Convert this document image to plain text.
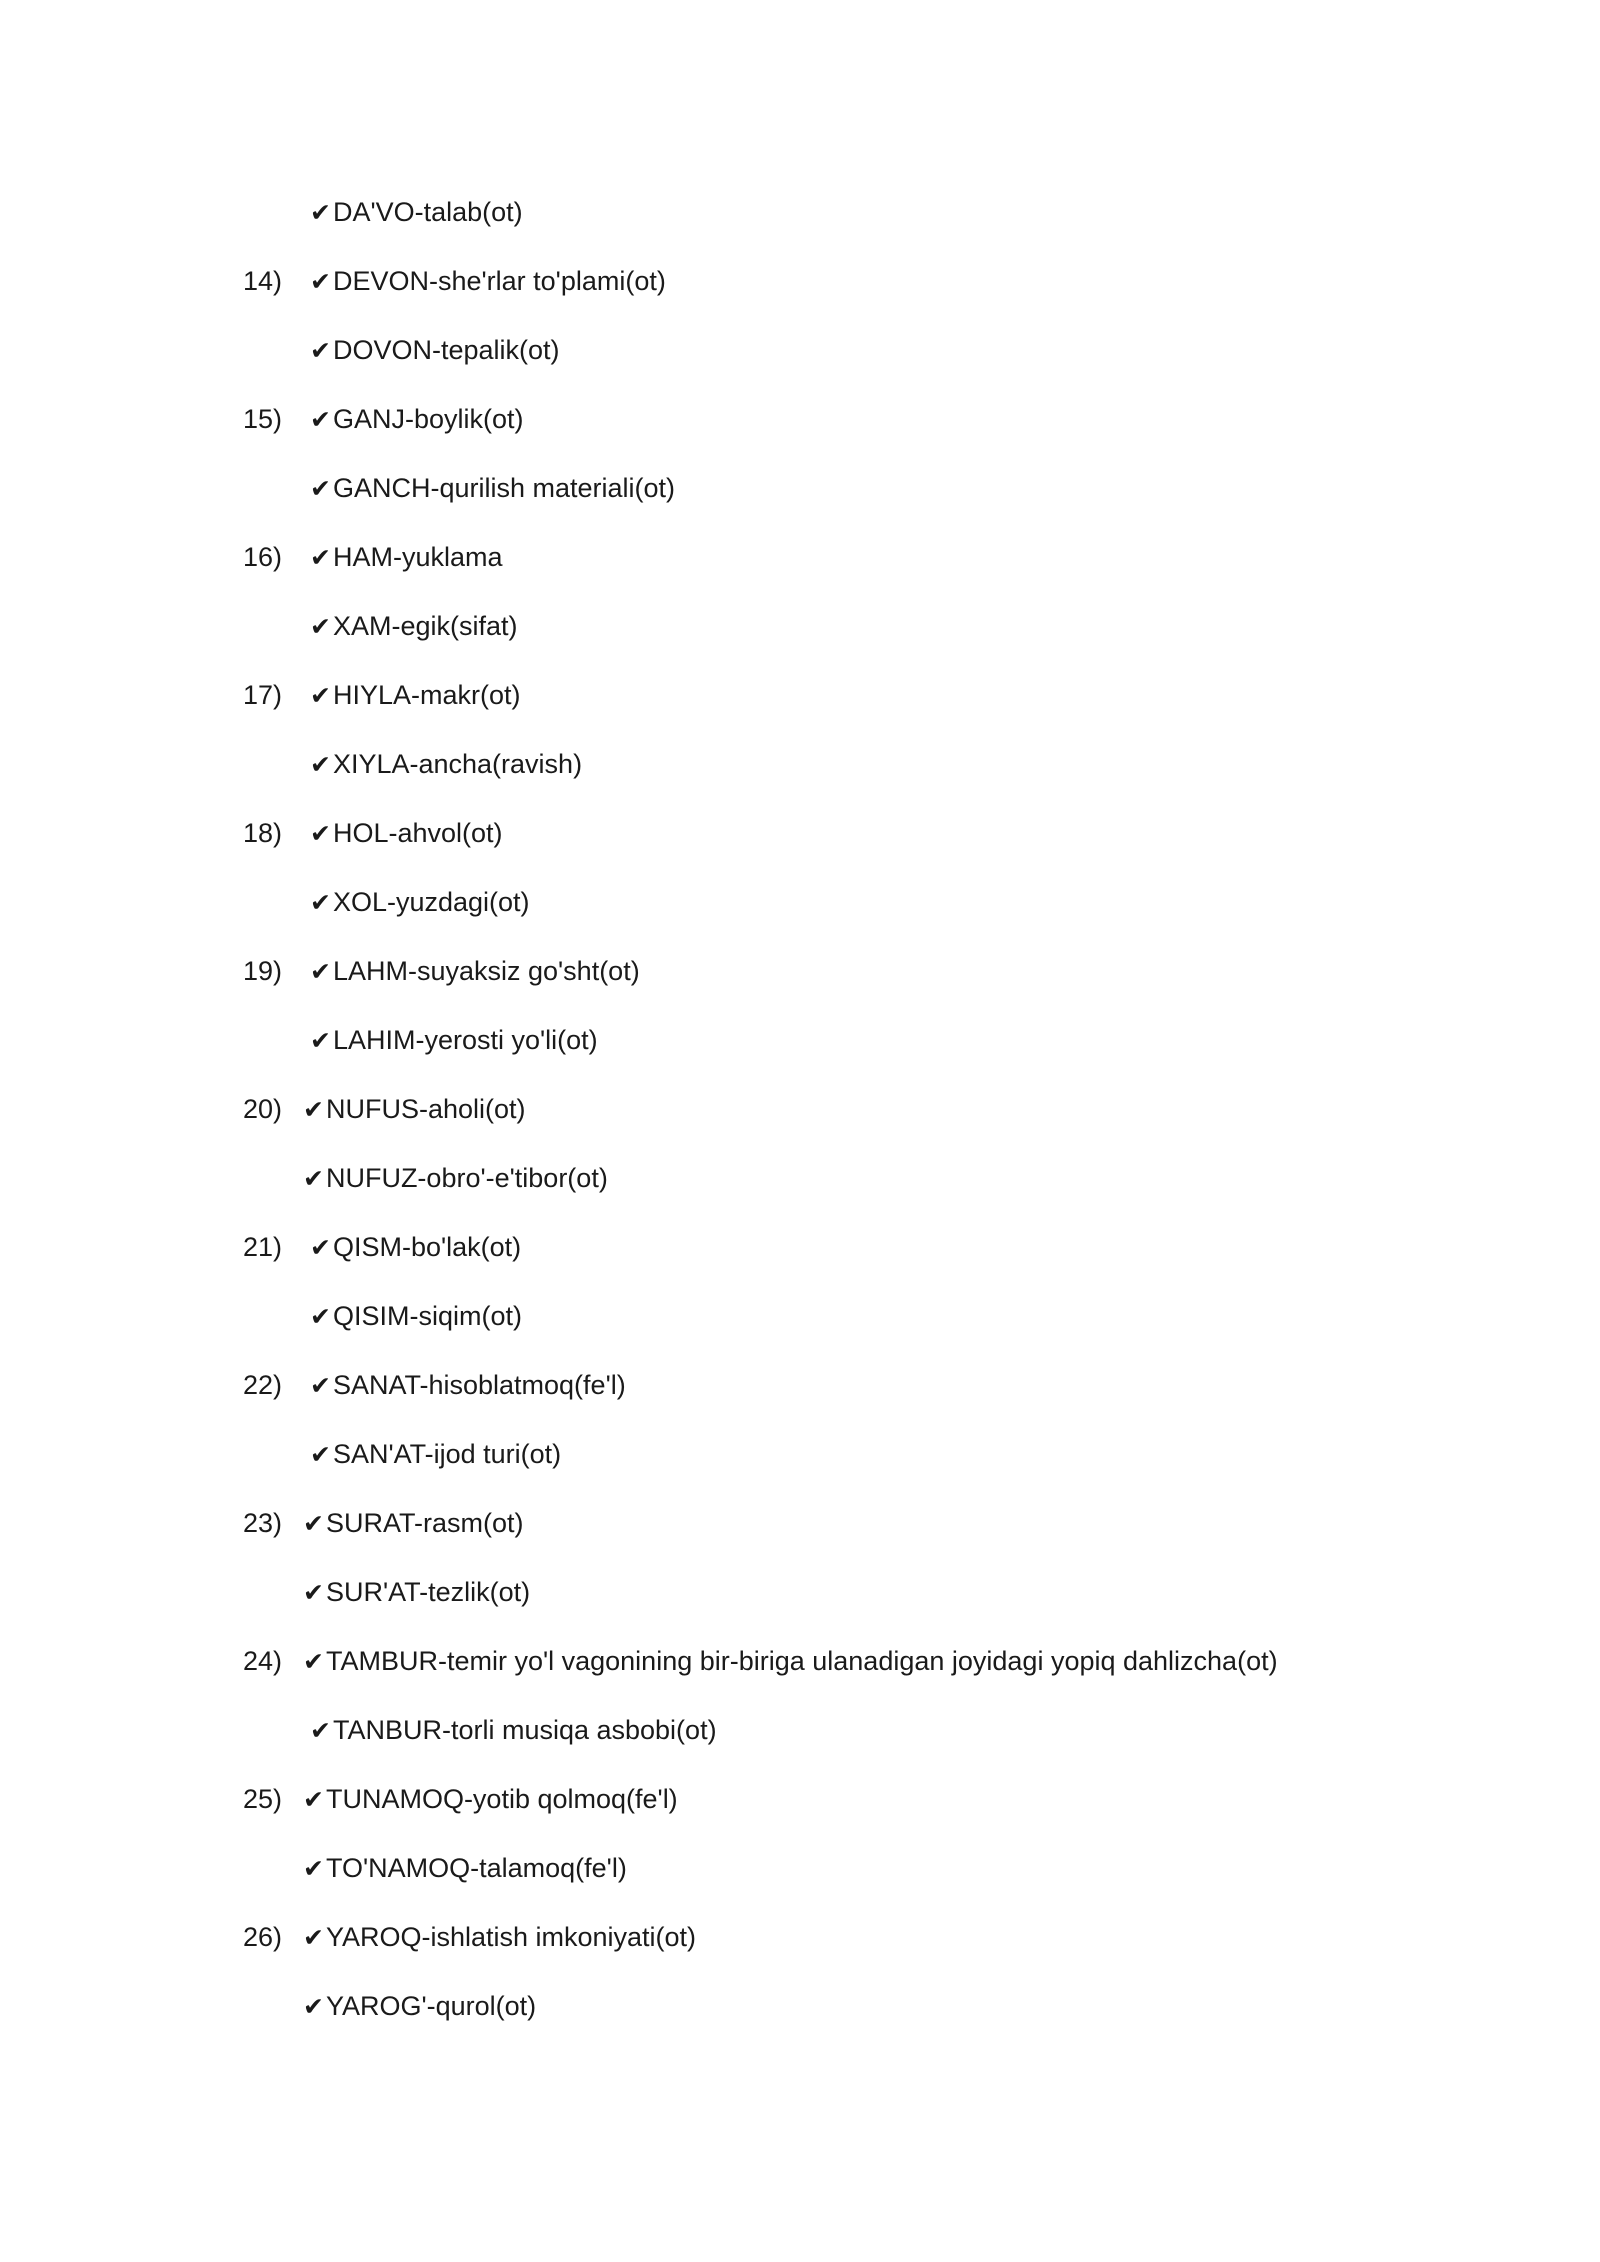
✔DA'VO-talab(ot)
14)	✔DEVON-she'rlar to'plami(ot)
✔DOVON-tepalik(ot)
15)	✔GANJ-boylik(ot)
✔GANCH-qurilish materiali(ot)
16)	✔HAM-yuklama
✔XAM-egik(sifat)
17)	✔HIYLA-makr(ot)
✔XIYLA-ancha(ravish)
18)	✔HOL-ahvol(ot)
✔XOL-yuzdagi(ot)
19)	✔LAHM-suyaksiz go'sht(ot)
✔LAHIM-yerosti yo'li(ot)
20) ✔NUFUS-aholi(ot)
✔NUFUZ-obro'-e'tibor(ot)
21)	✔QISM-bo'lak(ot)
✔QISIM-siqim(ot)
22)	✔SANAT-hisoblatmoq(fe'l)
✔SAN'AT-ijod turi(ot)
23) ✔SURAT-rasm(ot)
✔SUR'AT-tezlik(ot)
24) ✔TAMBUR-temir yo'l vagonining bir-biriga ulanadigan joyidagi yopiq dahlizcha(ot)
✔TANBUR-torli musiqa asbobi(ot)
25) ✔TUNAMOQ-yotib qolmoq(fe'l)
✔TO'NAMOQ-talamoq(fe'l)
26) ✔YAROQ-ishlatish imkoniyati(ot)
✔YAROG'-qurol(ot)
